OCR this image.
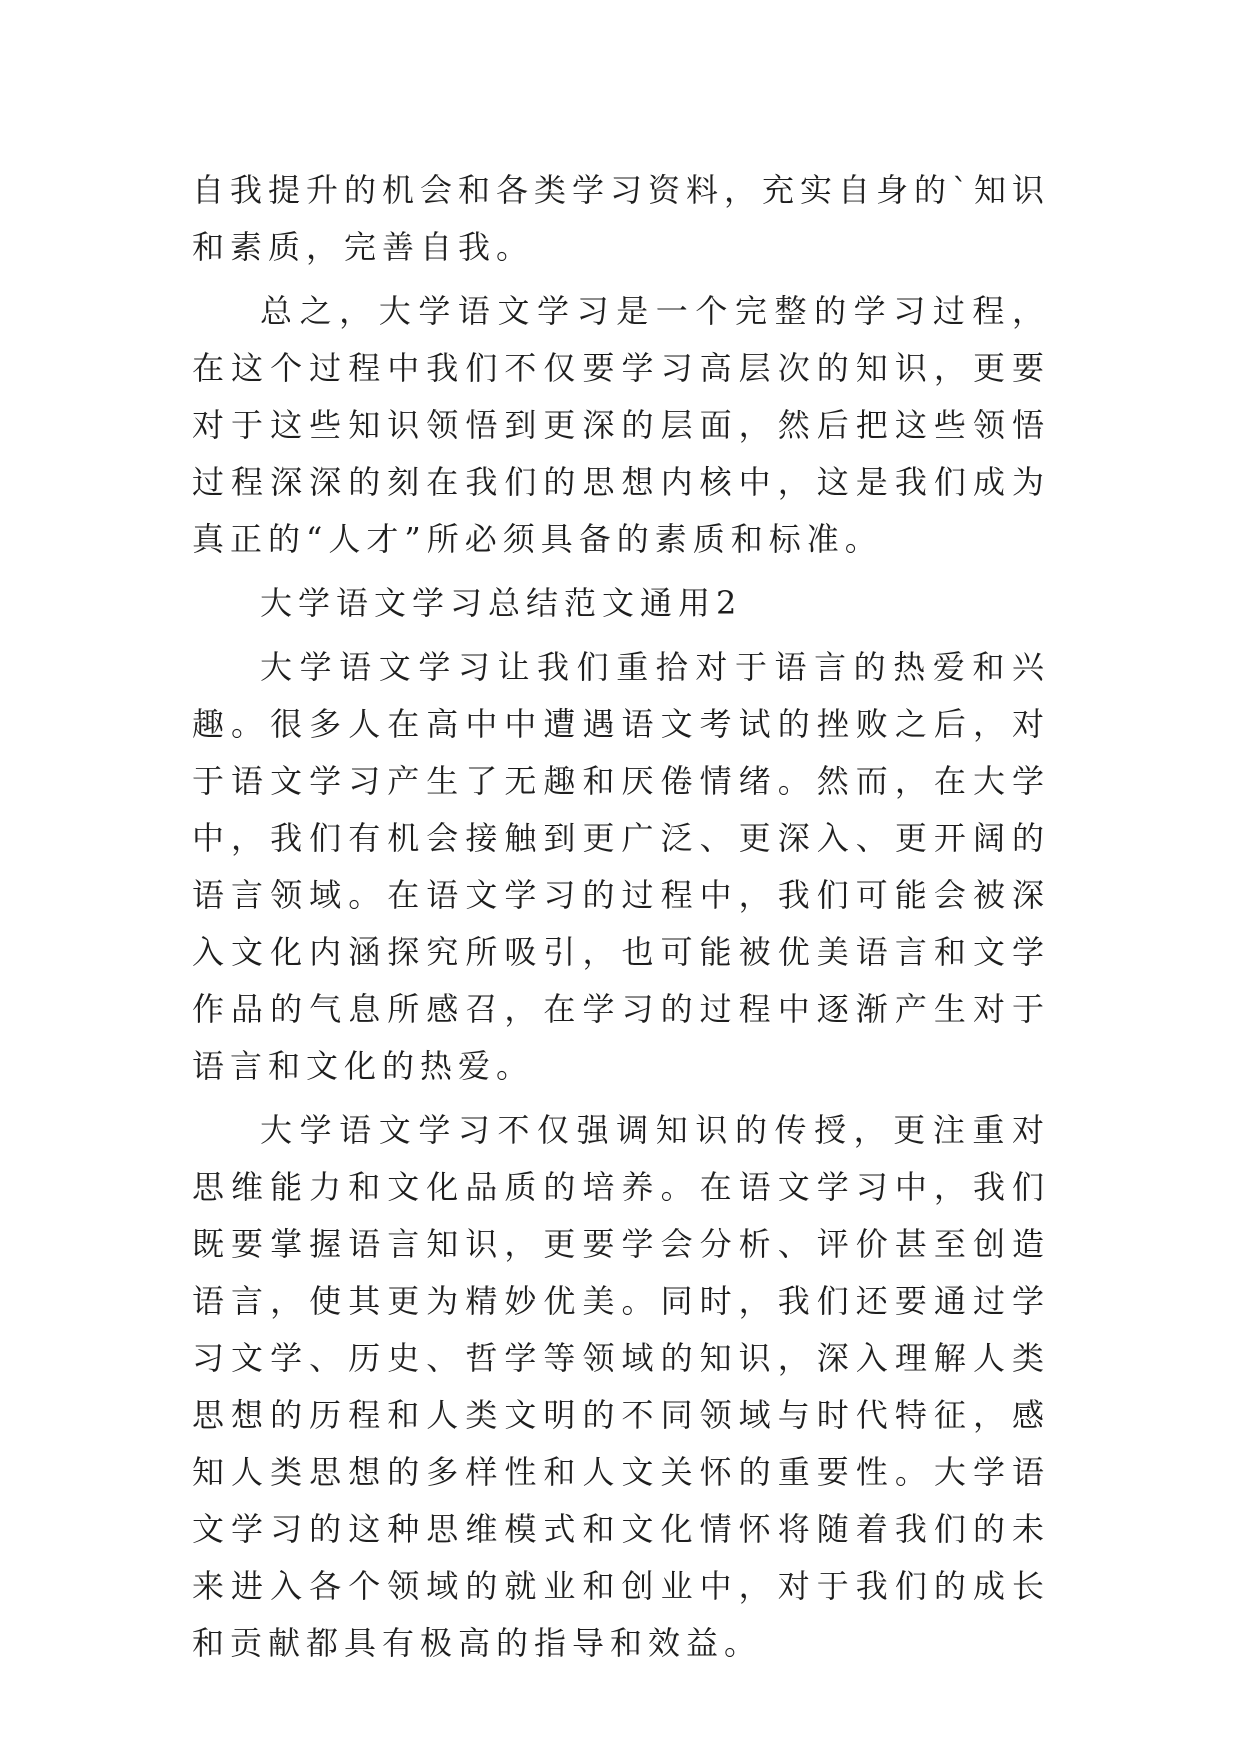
自我提升的机会和各类学习资料，充实自身的`知识和素质，完善自我。

总之，大学语文学习是一个完整的学习过程，在这个过程中我们不仅要学习高层次的知识，更要对于这些知识领悟到更深的层面，然后把这些领悟过程深深的刻在我们的思想内核中，这是我们成为真正的“人才”所必须具备的素质和标准。

大学语文学习总结范文通用2

大学语文学习让我们重拾对于语言的热爱和兴趣。很多人在高中中遭遇语文考试的挫败之后，对于语文学习产生了无趣和厌倦情绪。然而，在大学中，我们有机会接触到更广泛、更深入、更开阔的语言领域。在语文学习的过程中，我们可能会被深入文化内涵探究所吸引，也可能被优美语言和文学作品的气息所感召，在学习的过程中逐渐产生对于语言和文化的热爱。

大学语文学习不仅强调知识的传授，更注重对思维能力和文化品质的培养。在语文学习中，我们既要掌握语言知识，更要学会分析、评价甚至创造语言，使其更为精妙优美。同时，我们还要通过学习文学、历史、哲学等领域的知识，深入理解人类思想的历程和人类文明的不同领域与时代特征，感知人类思想的多样性和人文关怀的重要性。大学语文学习的这种思维模式和文化情怀将随着我们的未来进入各个领域的就业和创业中，对于我们的成长和贡献都具有极高的指导和效益。
